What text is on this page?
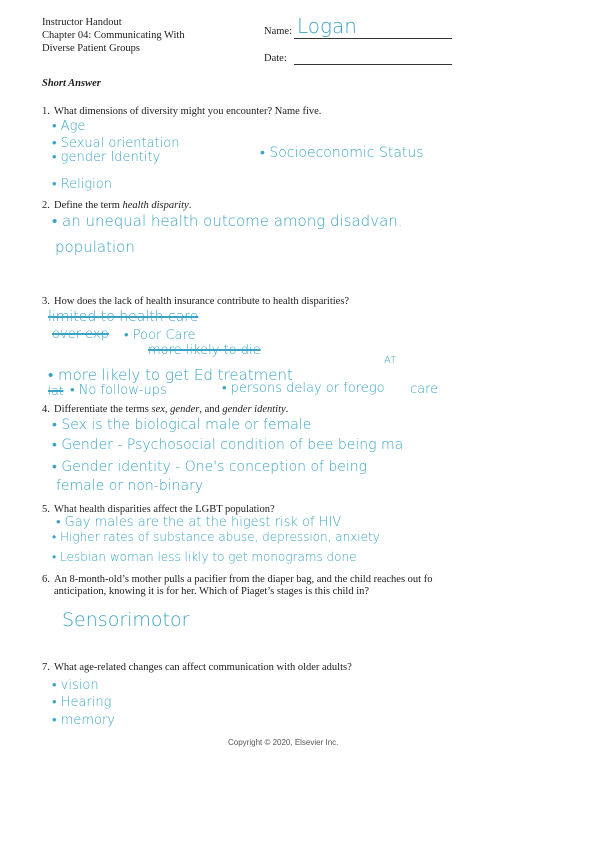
Instructor Handout
Chapter 04: Communicating With
Diverse Patient Groups
Name: Logan
Date:
Short Answer
1. What dimensions of diversity might you encounter? Name five.
• Age
• Sexual orientation
• gender Identity	• Socioeconomic Status
• Religion
2. Define the term health disparity.
• an unequal health outcome among disadvan.
population
3. How does the lack of health insurance contribute to health disparities?
limited to health care
over exp • Poor Care
more likely to die
• more likely to get Ed treatment
lat • No follow-ups	• persons delay or forego care
AT
4. Differentiate the terms sex, gender, and gender identity.
• Sex is the biological male or female
• Gender - Psychosocial condition of bee being ma
• Gender identity - One's conception of being
female or non-binary
5. What health disparities affect the LGBT population?
• Gay males are the at the higest risk of HIV
• Higher rates of substance abuse, depression, anxiety
• Lesbian woman less likly to get monograms done
6. An 8-month-old’s mother pulls a pacifier from the diaper bag, and the child reaches out fo
anticipation, knowing it is for her. Which of Piaget’s stages is this child in?
Sensorimotor
7. What age-related changes can affect communication with older adults?
• vision
• Hearing
• memory
Copyright © 2020, Elsevier Inc.
